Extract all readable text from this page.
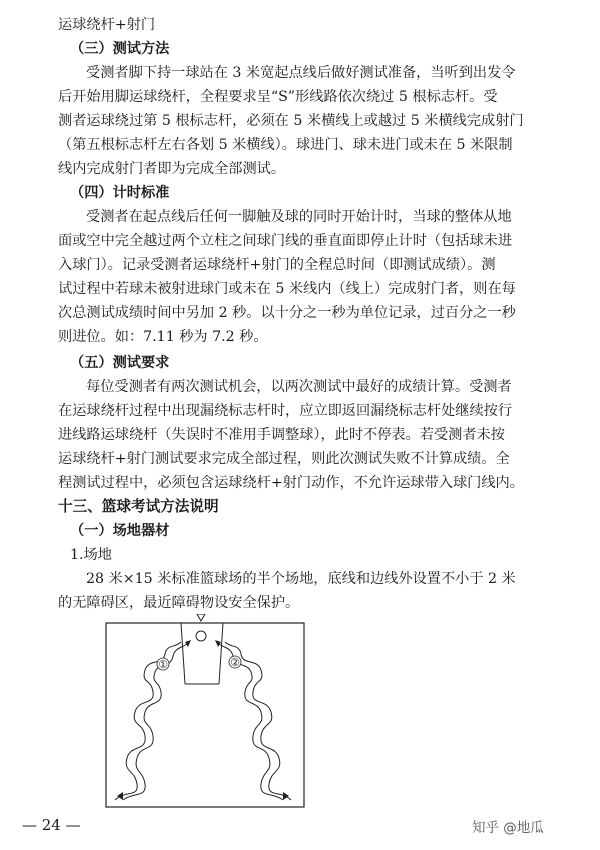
运球绕杆+射门
（三）测试方法
受测者脚下持一球站在 3 米宽起点线后做好测试准备，当听到出发令
后开始用脚运球绕杆，全程要求呈“S”形线路依次绕过 5 根标志杆。受
测者运球绕过第 5 根标志杆，必须在 5 米横线上或越过 5 米横线完成射门
（第五根标志杆左右各划 5 米横线）。球进门、球未进门或未在 5 米限制
线内完成射门者即为完成全部测试。
（四）计时标准
受测者在起点线后任何一脚触及球的同时开始计时，当球的整体从地
面或空中完全越过两个立柱之间球门线的垂直面即停止计时（包括球未进
入球门）。记录受测者运球绕杆+射门的全程总时间（即测试成绩）。测
试过程中若球未被射进球门或未在 5 米线内（线上）完成射门者，则在每
次总测试成绩时间中另加 2 秒。以十分之一秒为单位记录，过百分之一秒
则进位。如：7.11 秒为 7.2 秒。
（五）测试要求
每位受测者有两次测试机会，以两次测试中最好的成绩计算。受测者
在运球绕杆过程中出现漏绕标志杆时，应立即返回漏绕标志杆处继续按行
进线路运球绕杆（失误时不准用手调整球），此时不停表。若受测者未按
运球绕杆+射门测试要求完成全部过程，则此次测试失败不计算成绩。全
程测试过程中，必须包含运球绕杆+射门动作，不允许运球带入球门线内。
十三、篮球考试方法说明
（一）场地器材
1.场地
28 米×15 米标准篮球场的半个场地，底线和边线外设置不小于 2 米
的无障碍区，最近障碍物设安全保护。
①	②
— 24 —	知乎 @地瓜
